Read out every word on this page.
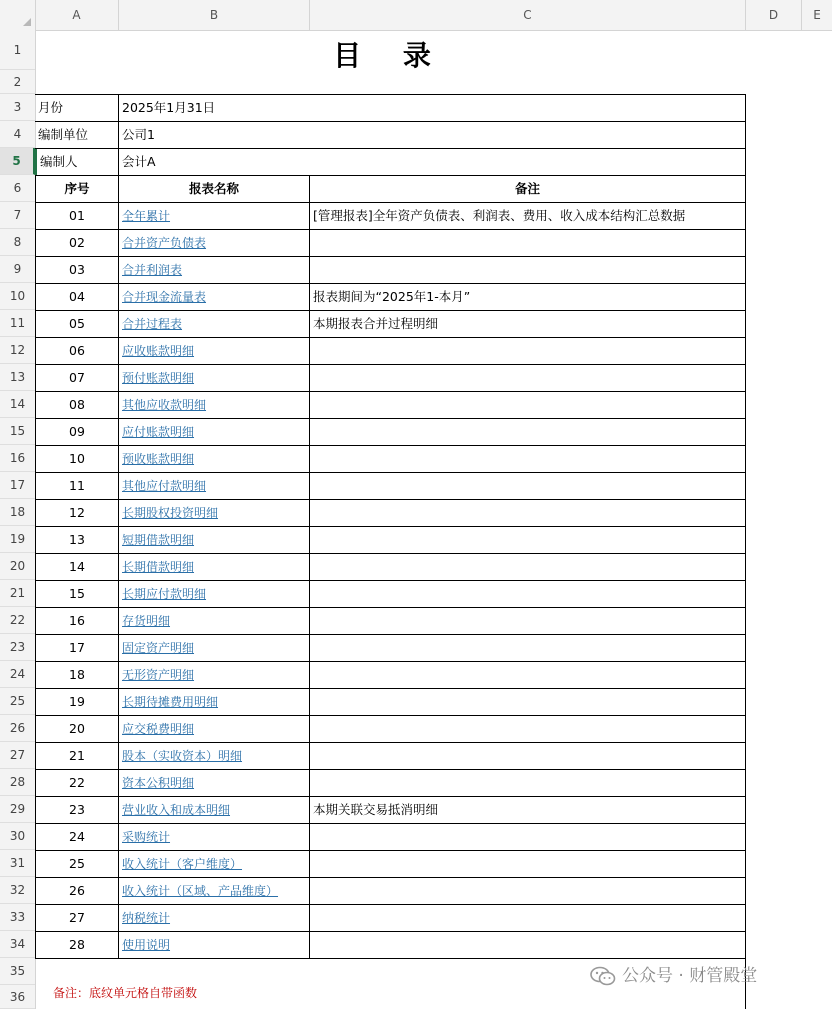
A	B	C	D	E
1
2
3
4
5
6
7
8
9
10
11
12
13
14
15
16
17
18
19
20
21
22
23
24
25
26
27
28
29
30
31
32
33
34
35
36
目 录
月份	2025年1月31日
编制单位	公司1
编制人	会计A
序号	报表名称	备注
01	全年累计	[管理报表]全年资产负债表、利润表、费用、收入成本结构汇总数据
02	合并资产负债表
03	合并利润表
04	合并现金流量表	报表期间为“2025年1-本月”
05	合并过程表	本期报表合并过程明细
06	应收账款明细
07	预付账款明细
08	其他应收款明细
09	应付账款明细
10	预收账款明细
11	其他应付款明细
12	长期股权投资明细
13	短期借款明细
14	长期借款明细
15	长期应付款明细
16	存货明细
17	固定资产明细
18	无形资产明细
19	长期待摊费用明细
20	应交税费明细
21	股本（实收资本）明细
22	资本公积明细
23	营业收入和成本明细	本期关联交易抵消明细
24	采购统计
25	收入统计（客户维度）
26	收入统计（区域、产品维度）
27	纳税统计
28	使用说明
备注：底纹单元格自带函数
公众号 · 财管殿堂
